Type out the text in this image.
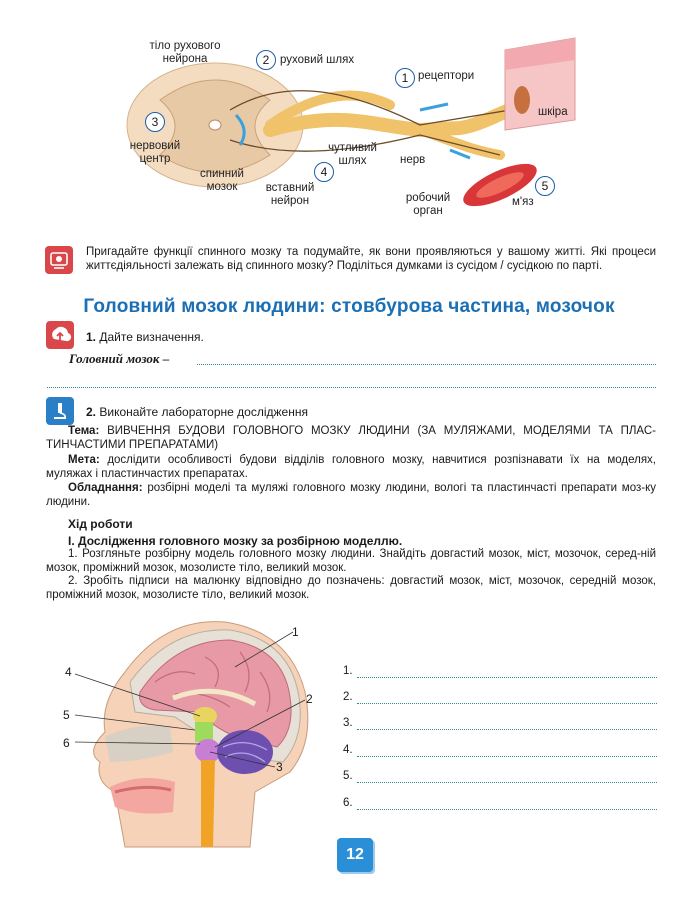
тіло рухового нейрона	2 руховий шлях
1 рецептори
шкіра
3
нервовий центр
чутливий шлях	нерв
спинний мозок
4
вставний нейрон
5
робочий орган
м'яз
Пригадайте функції спинного мозку та подумайте, як вони проявляються у вашому житті. Які процеси життєдіяльності залежать від спинного мозку? Поділіться думками із сусідом / сусідкою по парті.
Головний мозок людини: стовбурова частина, мозочок
1. Дайте визначення.
Головний мозок –
2. Виконайте лабораторне дослідження
Тема: ВИВЧЕННЯ БУДОВИ ГОЛОВНОГО МОЗКУ ЛЮДИНИ (ЗА МУЛЯЖАМИ, МОДЕЛЯМИ ТА ПЛАС-ТИНЧАСТИМИ ПРЕПАРАТАМИ)
Мета: дослідити особливості будови відділів головного мозку, навчитися розпізнавати їх на моделях, муляжах і пластинчастих препаратах.
Обладнання: розбірні моделі та муляжі головного мозку людини, вологі та пластинчасті препарати моз-ку людини.
Хід роботи
І. Дослідження головного мозку за розбірною моделлю.
1. Розгляньте розбірну модель головного мозку людини. Знайдіть довгастий мозок, міст, мозочок, серед-ній мозок, проміжний мозок, мозолисте тіло, великий мозок.
2. Зробіть підписи на малюнку відповідно до позначень: довгастий мозок, міст, мозочок, середній мозок, проміжний мозок, мозолисте тіло, великий мозок.
1
2
3
4
5
6
1.
2.
3.
4.
5.
6.
12
